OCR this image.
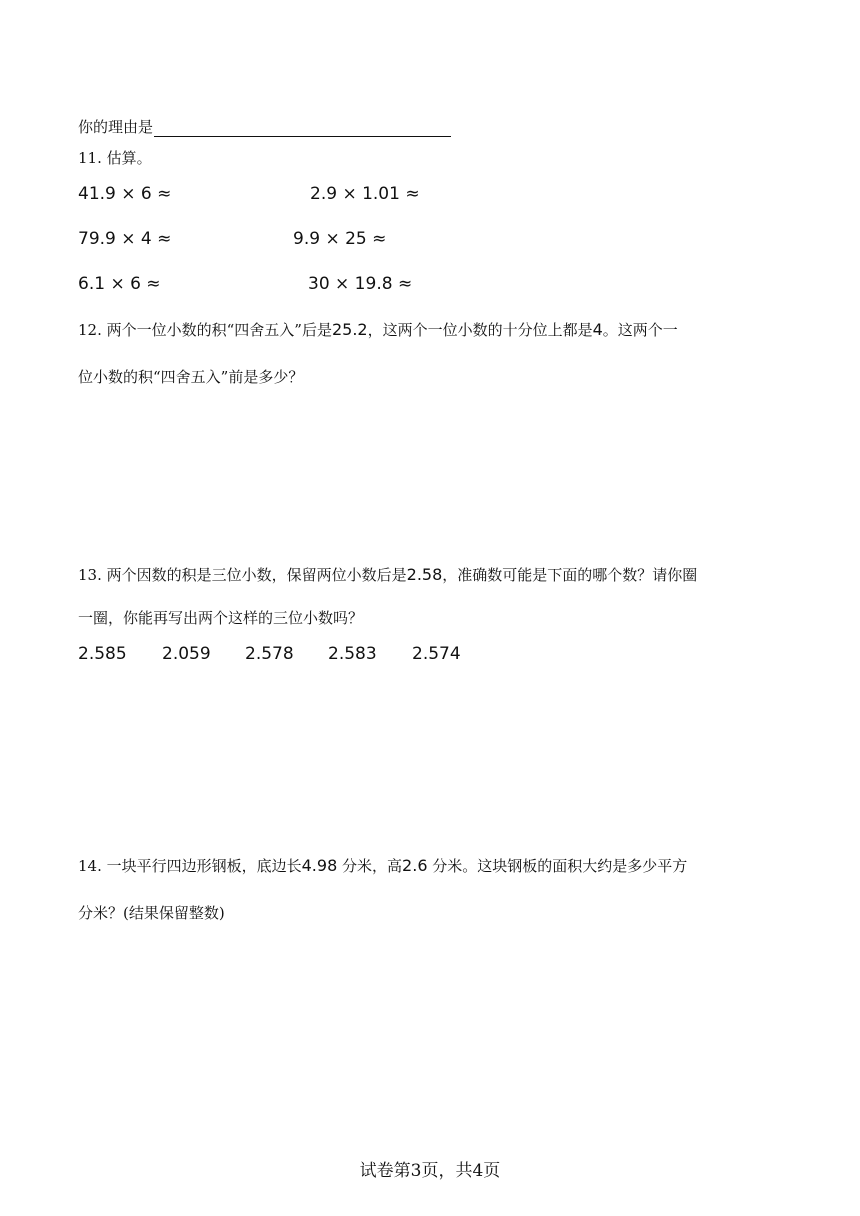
你的理由是
11. 估算。
41.9 × 6 ≈	2.9 × 1.01 ≈
79.9 × 4 ≈	9.9 × 25 ≈
6.1 × 6 ≈	30 × 19.8 ≈
12. 两个一位小数的积“四舍五入”后是25.2，这两个一位小数的十分位上都是4。这两个一
位小数的积“四舍五入”前是多少？
13. 两个因数的积是三位小数，保留两位小数后是2.58，准确数可能是下面的哪个数？请你圈
一圈，你能再写出两个这样的三位小数吗？
2.585 2.059 2.578 2.583 2.574
14. 一块平行四边形钢板，底边长4.98 分米，高2.6 分米。这块钢板的面积大约是多少平方
分米？(结果保留整数)
试卷第3页，共4页
